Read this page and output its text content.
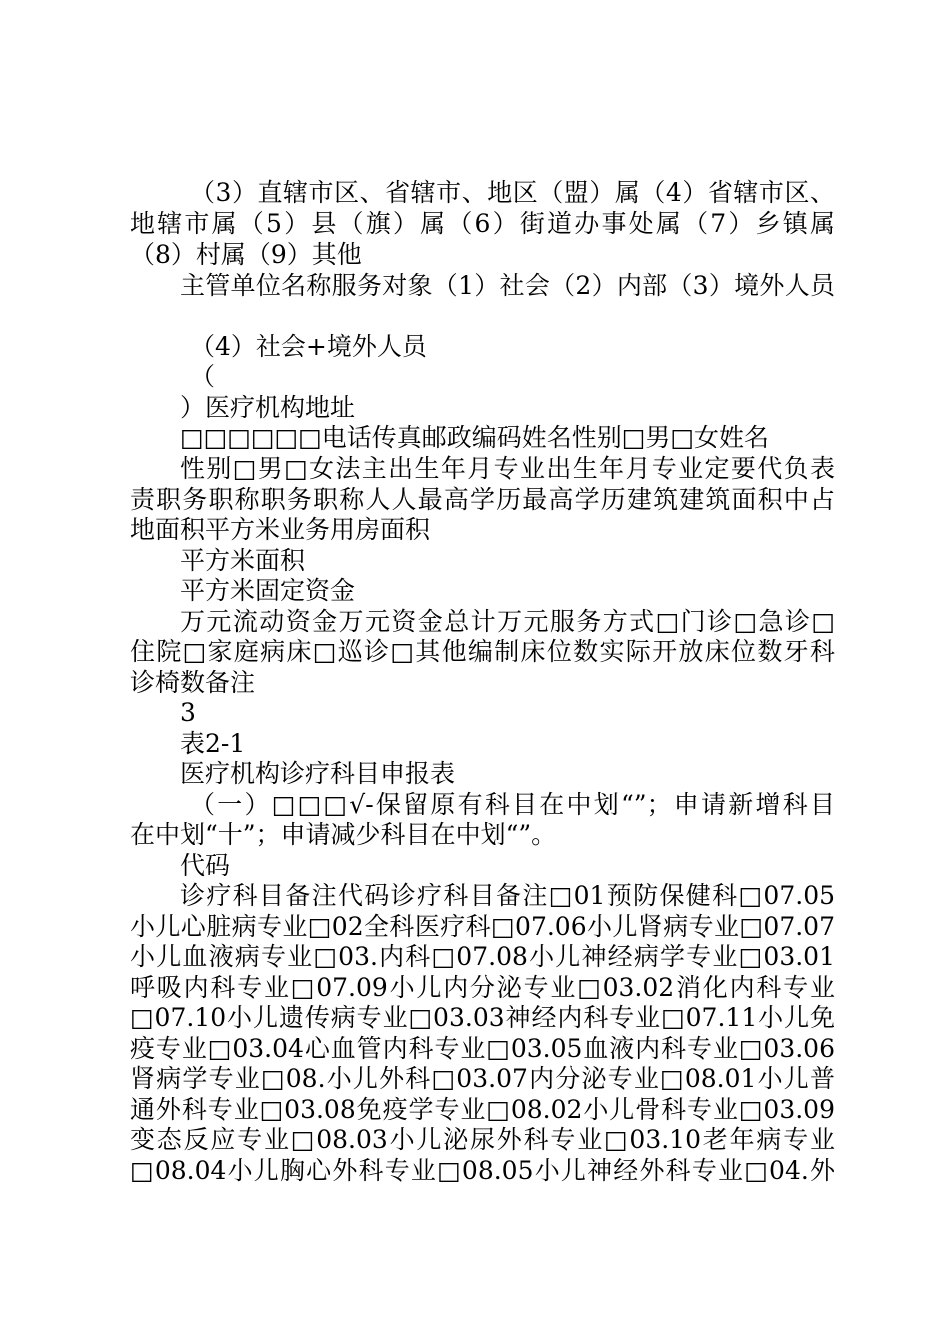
（3）直辖市区、省辖市、地区（盟）属（4）省辖市区、
地辖市属（5）县（旗）属（6）街道办事处属（7）乡镇属
（8）村属（9）其他
主管单位名称服务对象（1）社会（2）内部（3）境外人员
（4）社会+境外人员
（
）医疗机构地址
□□□□□□电话传真邮政编码姓名性别□男□女姓名
性别□男□女法主出生年月专业出生年月专业定要代负表
责职务职称职务职称人人最高学历最高学历建筑建筑面积中占
地面积平方米业务用房面积
平方米面积
平方米固定资金
万元流动资金万元资金总计万元服务方式□门诊□急诊□
住院□家庭病床□巡诊□其他编制床位数实际开放床位数牙科
诊椅数备注
3
表2-1
医疗机构诊疗科目申报表
（一）□□□√-保留原有科目在中划“”；申请新增科目
在中划“十”；申请减少科目在中划“”。
代码
诊疗科目备注代码诊疗科目备注□01预防保健科□07.05
小儿心脏病专业□02全科医疗科□07.06小儿肾病专业□07.07
小儿血液病专业□03.内科□07.08小儿神经病学专业□03.01
呼吸内科专业□07.09小儿内分泌专业□03.02消化内科专业
□07.10小儿遗传病专业□03.03神经内科专业□07.11小儿免
疫专业□03.04心血管内科专业□03.05血液内科专业□03.06
肾病学专业□08.小儿外科□03.07内分泌专业□08.01小儿普
通外科专业□03.08免疫学专业□08.02小儿骨科专业□03.09
变态反应专业□08.03小儿泌尿外科专业□03.10老年病专业
□08.04小儿胸心外科专业□08.05小儿神经外科专业□04.外
